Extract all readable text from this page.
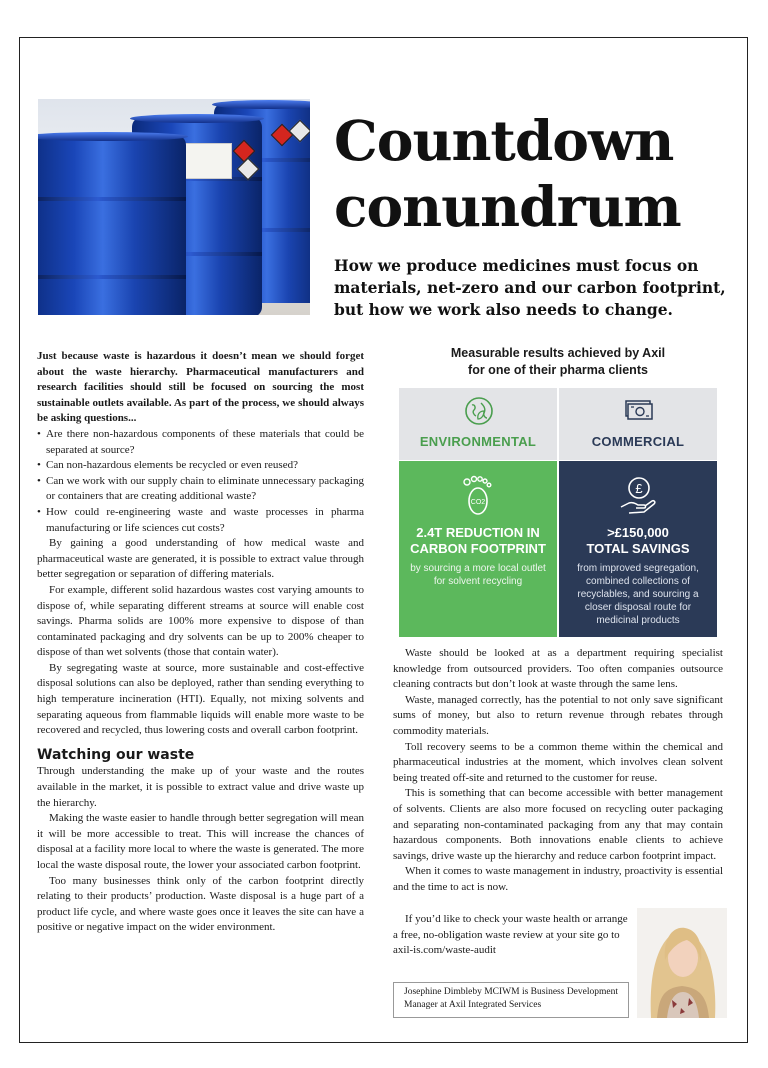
Countdown
conundrum
How we produce medicines must focus on materials, net-zero and our carbon footprint, but how we work also needs to change.

Just because waste is hazardous it doesn’t mean we should forget about the waste hierarchy. Pharmaceutical manufacturers and research facilities should still be focused on sourcing the most sustainable outlets available. As part of the process, we should always be asking questions...

• Are there non-hazardous components of these materials that could be separated at source?
• Can non-hazardous elements be recycled or even reused?
• Can we work with our supply chain to eliminate unnecessary packaging or containers that are creating additional waste?
• How could re-engineering waste and waste processes in pharma manufacturing or life sciences cut costs?

By gaining a good understanding of how medical waste and pharmaceutical waste are generated, it is possible to extract value through better segregation or separation of differing materials.

For example, different solid hazardous wastes cost varying amounts to dispose of, while separating different streams at source will enable cost savings. Pharma solids are 100% more expensive to dispose of than contaminated packaging and dry solvents can be up to 200% cheaper to dispose of than wet solvents (those that contain water).

By segregating waste at source, more sustainable and cost-effective disposal solutions can also be deployed, rather than sending everything to high temperature incineration (HTI). Equally, not mixing solvents and separating aqueous from flammable liquids will enable more waste to be recovered and recycled, thus lowering costs and overall carbon footprint.

Watching our waste

Through understanding the make up of your waste and the routes available in the market, it is possible to extract value and drive waste up the hierarchy.

Making the waste easier to handle through better segregation will mean it will be more accessible to treat. This will increase the chances of disposal at a facility more local to where the waste is generated. The more local the waste disposal route, the lower your associated carbon footprint.

Too many businesses think only of the carbon footprint directly relating to their products’ production. Waste disposal is a huge part of a product life cycle, and where waste goes once it leaves the site can have a positive or negative impact on the wider environment.

Measurable results achieved by Axil
for one of their pharma clients
ENVIRONMENTAL	COMMERCIAL
CO2
2.4T REDUCTION IN
CARBON FOOTPRINT
by sourcing a more local outlet for solvent recycling
£
>£150,000
TOTAL SAVINGS
from improved segregation, combined collections of recyclables, and sourcing a closer disposal route for medicinal products

Waste should be looked at as a department requiring specialist knowledge from outsourced providers. Too often companies outsource cleaning contracts but don’t look at waste through the same lens.

Waste, managed correctly, has the potential to not only save significant sums of money, but also to return revenue through rebates through commodity materials.

Toll recovery seems to be a common theme within the chemical and pharmaceutical industries at the moment, which involves clean solvent being treated off-site and returned to the customer for reuse.

This is something that can become accessible with better management of solvents. Clients are also more focused on recycling outer packaging and separating non-contaminated packaging from any that may contain hazardous components. Both innovations enable clients to achieve savings, drive waste up the hierarchy and reduce carbon footprint impact.

When it comes to waste management in industry, proactivity is essential and the time to act is now.

If you’d like to check your waste health or arrange a free, no-obligation waste review at your site go to axil-is.com/waste-audit

Josephine Dimbleby MCIWM is Business Development Manager at Axil Integrated Services
